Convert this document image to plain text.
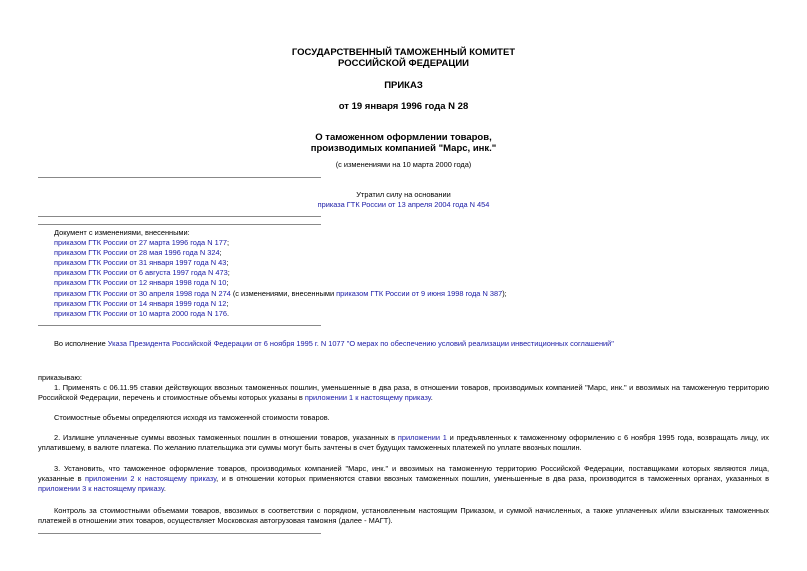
ГОСУДАРСТВЕННЫЙ ТАМОЖЕННЫЙ КОМИТЕТ
РОССИЙСКОЙ ФЕДЕРАЦИИ
ПРИКАЗ
от 19 января 1996 года N 28
О таможенном оформлении товаров,
производимых компанией "Марс, инк."
(с изменениями на 10 марта 2000 года)
Утратил силу на основании
приказа ГТК России от 13 апреля 2004 года N 454
Документ с изменениями, внесенными:
приказом ГТК России от 27 марта 1996 года N 177;
приказом ГТК России от 28 мая 1996 года N 324;
приказом ГТК России от 31 января 1997 года N 43;
приказом ГТК России от 6 августа 1997 года N 473;
приказом ГТК России от 12 января 1998 года N 10;
приказом ГТК России от 30 апреля 1998 года N 274 (с изменениями, внесенными приказом ГТК России от 9 июня 1998 года N 387);
приказом ГТК России от 14 января 1999 года N 12;
приказом ГТК России от 10 марта 2000 года N 176.
Во исполнение Указа Президента Российской Федерации от 6 ноября 1995 г. N 1077 "О мерах по обеспечению условий реализации инвестиционных соглашений"
приказываю:
1. Применять с 06.11.95 ставки действующих ввозных таможенных пошлин, уменьшенные в два раза, в отношении товаров, производимых компанией "Марс, инк." и ввозимых на таможенную территорию Российской Федерации, перечень и стоимостные объемы которых указаны в приложении 1 к настоящему приказу.
Стоимостные объемы определяются исходя из таможенной стоимости товаров.
2. Излишне уплаченные суммы ввозных таможенных пошлин в отношении товаров, указанных в приложении 1 и предъявленных к таможенному оформлению с 6 ноября 1995 года, возвращать лицу, их уплатившему, в валюте платежа. По желанию плательщика эти суммы могут быть зачтены в счет будущих таможенных платежей по уплате ввозных пошлин.
3. Установить, что таможенное оформление товаров, производимых компанией "Марс, инк." и ввозимых на таможенную территорию Российской Федерации, поставщиками которых являются лица, указанные в приложении 2 к настоящему приказу, и в отношении которых применяются ставки ввозных таможенных пошлин, уменьшенные в два раза, производится в таможенных органах, указанных в приложении 3 к настоящему приказу.
Контроль за стоимостными объемами товаров, ввозимых в соответствии с порядком, установленным настоящим Приказом, и суммой начисленных, а также уплаченных и/или взысканных таможенных платежей в отношении этих товаров, осуществляет Московская автогрузовая таможня (далее - МАГТ).
